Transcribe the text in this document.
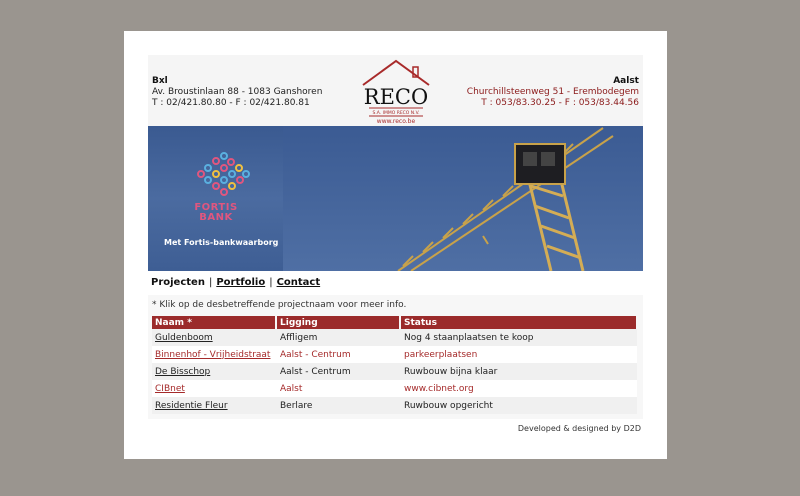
Bxl
Av. Broustinlaan 88 - 1083 Ganshoren
T : 02/421.80.80 - F : 02/421.80.81	RECO
S.A. IMMO RECO N.V.
www.reco.be
Aalst
Churchillsteenweg 51 - Erembodegem
T : 053/83.30.25 - F : 053/83.44.56
FORTIS
BANK
Met Fortis-bankwaarborg
Projecten | Portfolio | Contact
* Klik op de desbetreffende projectnaam voor meer info.
Naam *	Ligging	Status
Guldenboom	Affligem	Nog 4 staanplaatsen te koop
Binnenhof - Vrijheidstraat	Aalst - Centrum	parkeerplaatsen
De Bisschop	Aalst - Centrum	Ruwbouw bijna klaar
CIBnet	Aalst	www.cibnet.org
Residentie Fleur	Berlare	Ruwbouw opgericht
Developed & designed by D2D
